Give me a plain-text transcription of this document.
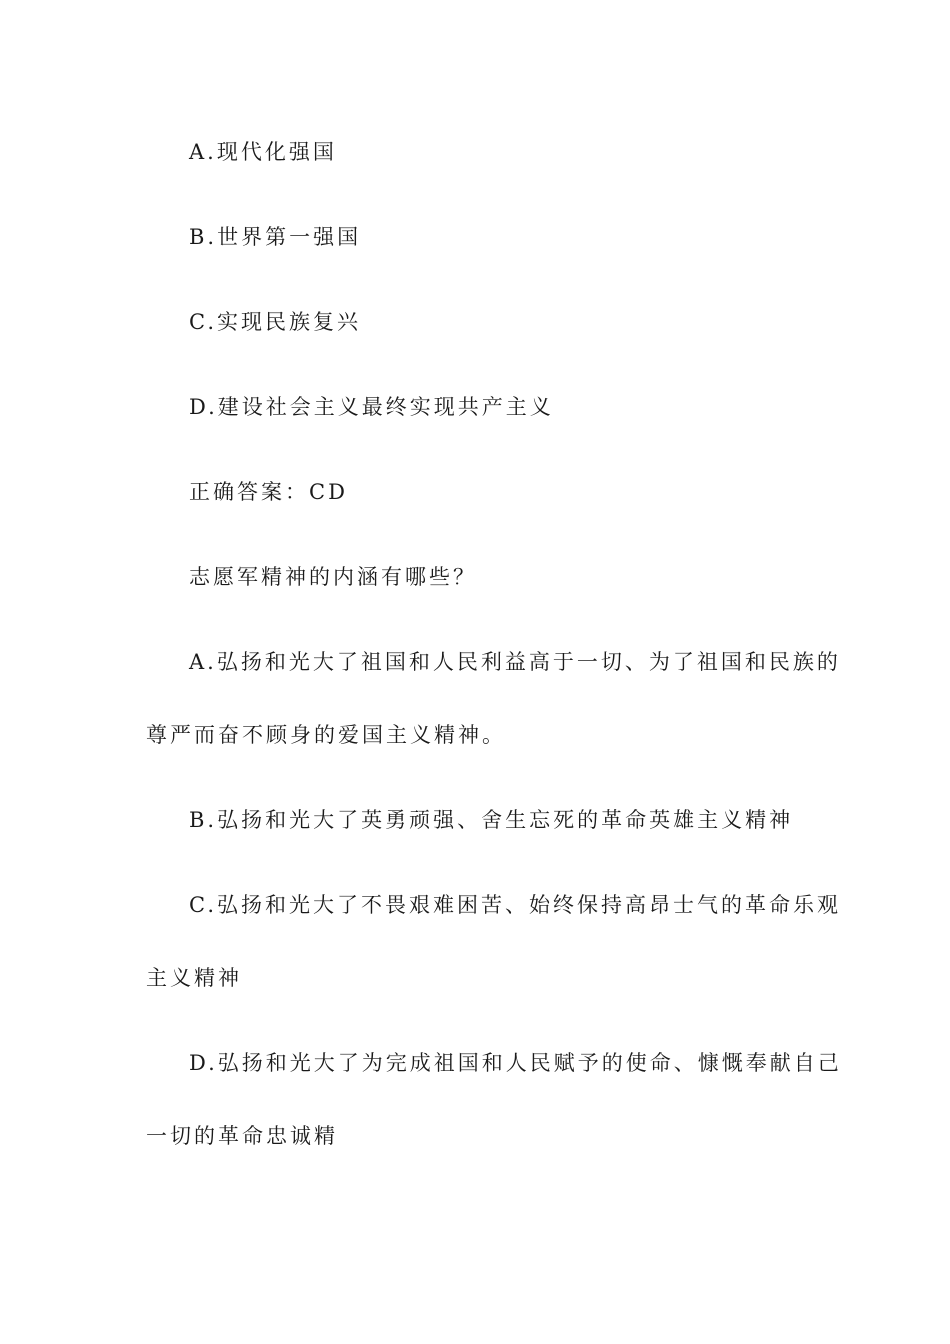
A.现代化强国
B.世界第一强国
C.实现民族复兴
D.建设社会主义最终实现共产主义
正确答案：CD
志愿军精神的内涵有哪些？
A.弘扬和光大了祖国和人民利益高于一切、为了祖国和民族的
尊严而奋不顾身的爱国主义精神。
B.弘扬和光大了英勇顽强、舍生忘死的革命英雄主义精神
C.弘扬和光大了不畏艰难困苦、始终保持高昂士气的革命乐观
主义精神
D.弘扬和光大了为完成祖国和人民赋予的使命、慷慨奉献自己
一切的革命忠诚精
